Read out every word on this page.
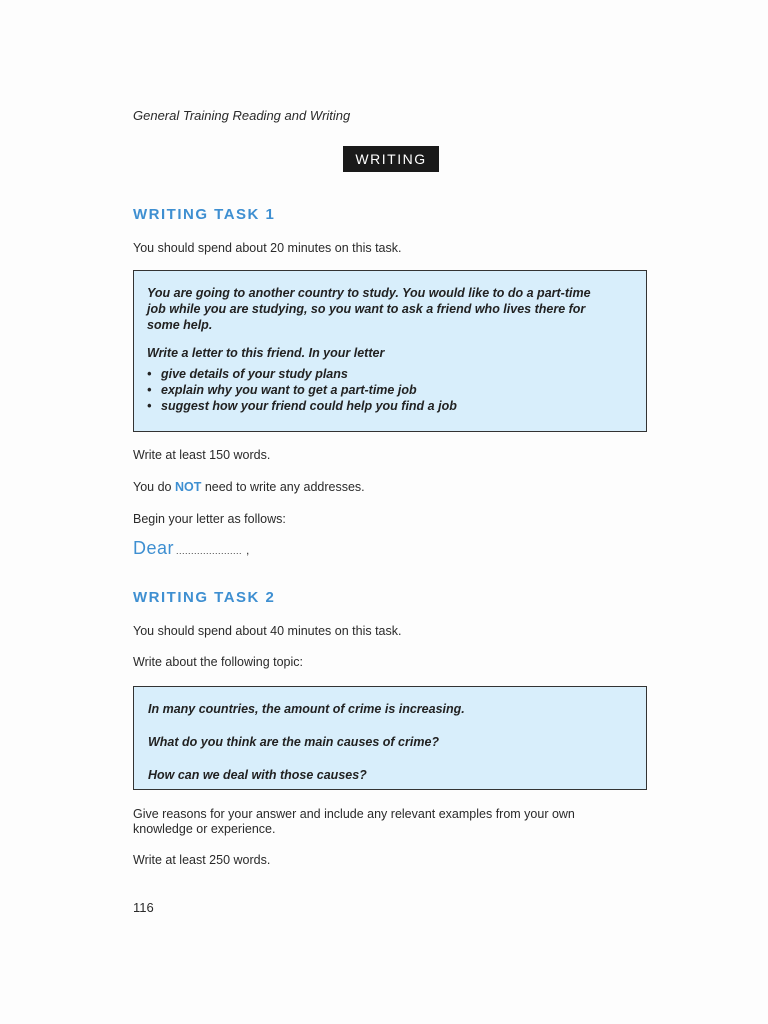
General Training Reading and Writing
WRITING
WRITING TASK 1
You should spend about 20 minutes on this task.

You are going to another country to study. You would like to do a part-time
job while you are studying, so you want to ask a friend who lives there for
some help.

Write a letter to this friend. In your letter

• give details of your study plans
• explain why you want to get a part-time job
• suggest how your friend could help you find a job
Write at least 150 words.
You do NOT need to write any addresses.
Begin your letter as follows:
Dear ...................... ,
WRITING TASK 2
You should spend about 40 minutes on this task.
Write about the following topic:

In many countries, the amount of crime is increasing.

What do you think are the main causes of crime?

How can we deal with those causes?

Give reasons for your answer and include any relevant examples from your own
knowledge or experience.
Write at least 250 words.
116
